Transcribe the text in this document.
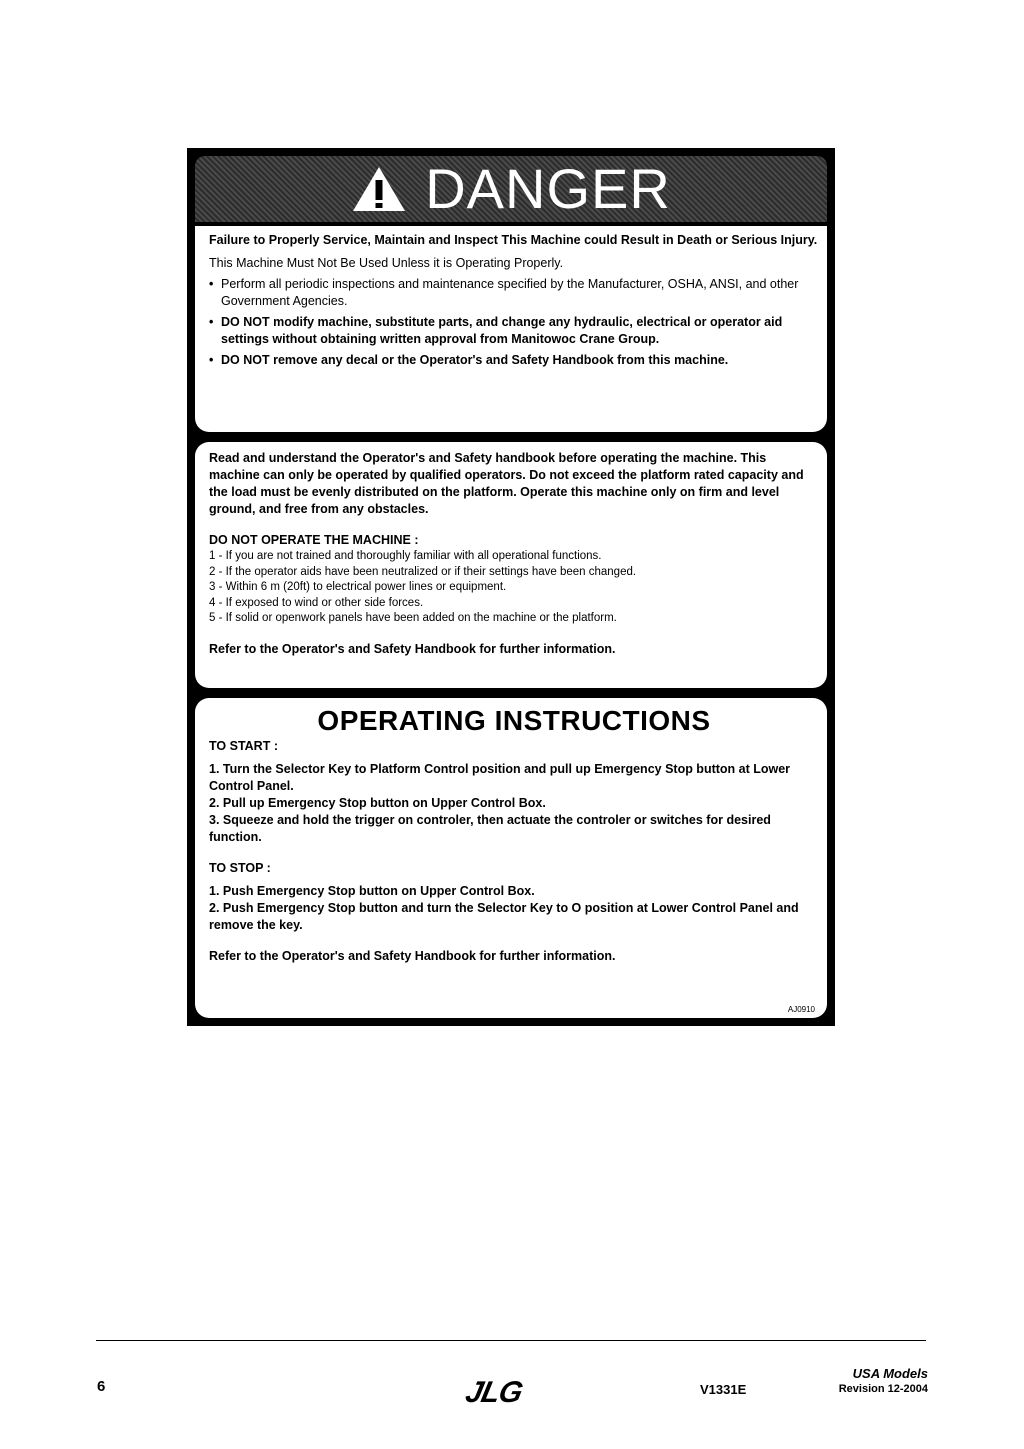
DANGER

Failure to Properly Service, Maintain and Inspect This Machine could Result in Death or Serious Injury.

This Machine Must Not Be Used Unless it is Operating Properly.

• Perform all periodic inspections and maintenance specified by the Manufacturer, OSHA, ANSI, and other Government Agencies.

• DO NOT modify machine, substitute parts, and change any hydraulic, electrical or operator aid settings without obtaining written approval from Manitowoc Crane Group.

• DO NOT remove any decal or the Operator's and Safety Handbook from this machine.

Read and understand the Operator's and Safety handbook before operating the machine. This machine can only be operated by qualified operators. Do not exceed the platform rated capacity and the load must be evenly distributed on the platform. Operate this machine only on firm and level ground, and free from any obstacles.

DO NOT OPERATE THE MACHINE :

1 - If you are not trained and thoroughly familiar with all operational functions.

2 - If the operator aids have been neutralized or if their settings have been changed.

3 - Within 6 m (20ft) to electrical power lines or equipment.

4 - If exposed to wind or other side forces.

5 - If solid or openwork panels have been added on the machine or the platform.

Refer to the Operator's and Safety Handbook for further information.

OPERATING INSTRUCTIONS

TO START :

1. Turn the Selector Key to Platform Control position and pull up Emergency Stop button at Lower Control Panel.

2. Pull up Emergency Stop button on Upper Control Box.

3. Squeeze and hold the trigger on controler, then actuate the controler or switches for desired function.

TO STOP :

1. Push Emergency Stop button on Upper Control Box.

2. Push Emergency Stop button and turn the Selector Key to O position at Lower Control Panel and remove the key.

Refer to the Operator's and Safety Handbook for further information.

AJ0910
6	JLG	V1331E
USA Models
Revision 12-2004
